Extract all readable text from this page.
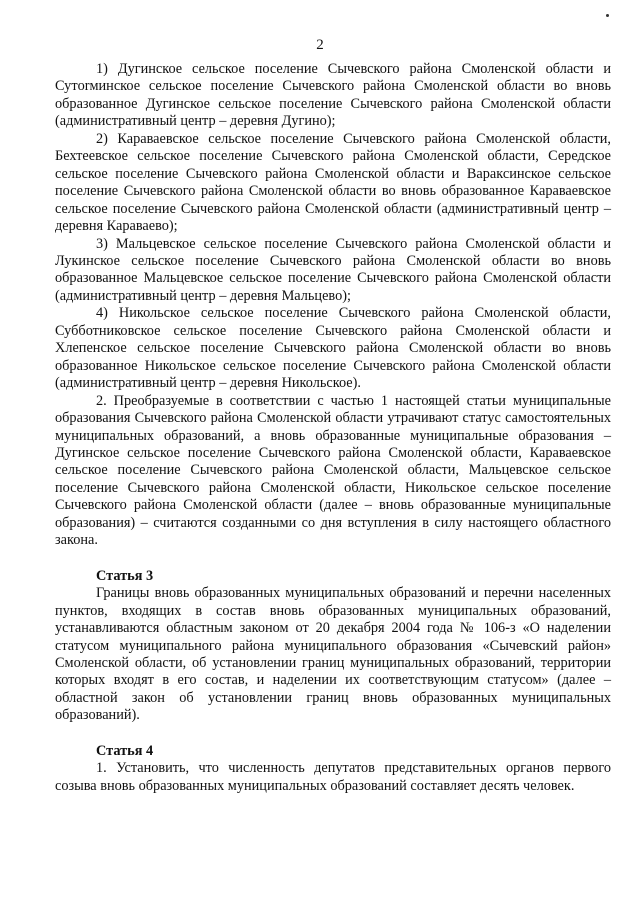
2

1) Дугинское сельское поселение Сычевского района Смоленской области и Сутorминское сельское поселение Сычевского района Смоленской области во вновь образованное Дугинское сельское поселение Сычевского района Смоленской области (административный центр – деревня Дугино);

2) Караваевское сельское поселение Сычевского района Смоленской области, Бехтеевское сельское поселение Сычевского района Смоленской области, Середское сельское поселение Сычевского района Смоленской области и Вараксинское сельское поселение Сычевского района Смоленской области во вновь образованное Караваевское сельское поселение Сычевского района Смоленской области (административный центр – деревня Караваево);

3) Мальцевское сельское поселение Сычевского района Смоленской области и Лукинское сельское поселение Сычевского района Смоленской области во вновь образованное Мальцевское сельское поселение Сычевского района Смоленской области (административный центр – деревня Мальцево);

4) Никольское сельское поселение Сычевского района Смоленской области, Субботниковское сельское поселение Сычевского района Смоленской области и Хлепенское сельское поселение Сычевского района Смоленской области во вновь образованное Никольское сельское поселение Сычевского района Смоленской области (административный центр – деревня Никольское).

2. Преобразуемые в соответствии с частью 1 настоящей статьи муниципальные образования Сычевского района Смоленской области утрачивают статус самостоятельных муниципальных образований, а вновь образованные муниципальные образования – Дугинское сельское поселение Сычевского района Смоленской области, Караваевское сельское поселение Сычевского района Смоленской области, Мальцевское сельское поселение Сычевского района Смоленской области, Никольское сельское поселение Сычевского района Смоленской области (далее – вновь образованные муниципальные образования) – считаются созданными со дня вступления в силу настоящего областного закона.

Статья 3

Границы вновь образованных муниципальных образований и перечни населенных пунктов, входящих в состав вновь образованных муниципальных образований, устанавливаются областным законом от 20 декабря 2004 года № 106-з «О наделении статусом муниципального района муниципального образования «Сычевский район» Смоленской области, об установлении границ муниципальных образований, территории которых входят в его состав, и наделении их соответствующим статусом» (далее – областной закон об установлении границ вновь образованных муниципальных образований).

Статья 4

1. Установить, что численность депутатов представительных органов первого созыва вновь образованных муниципальных образований составляет десять человек.
